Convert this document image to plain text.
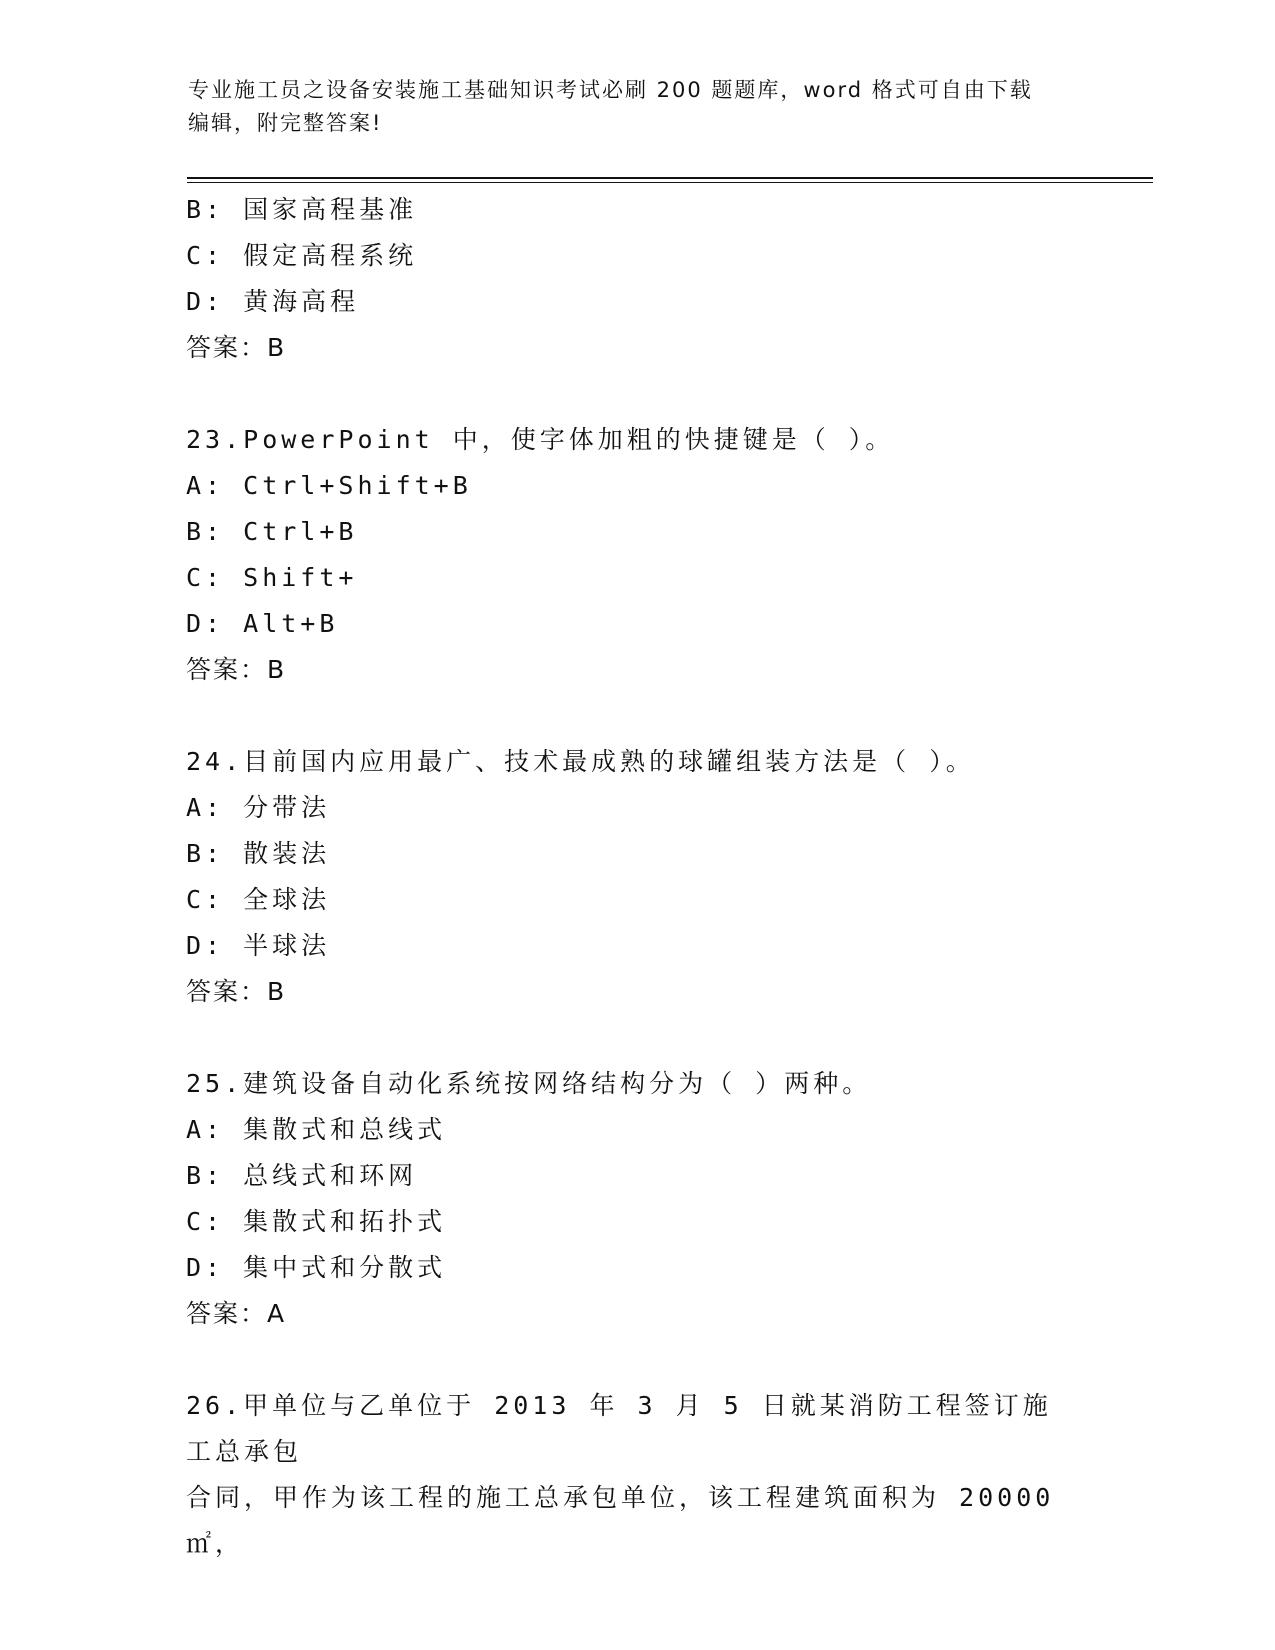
专业施工员之设备安装施工基础知识考试必刷 200 题题库，word 格式可自由下载
编辑，附完整答案!
B: 国家高程基准
C: 假定高程系统
D: 黄海高程
答案：B
23.PowerPoint 中，使字体加粗的快捷键是（ ）。
A: Ctrl+Shift+B
B: Ctrl+B
C: Shift+
D: Alt+B
答案：B
24.目前国内应用最广、技术最成熟的球罐组装方法是（ ）。
A: 分带法
B: 散装法
C: 全球法
D: 半球法
答案：B
25.建筑设备自动化系统按网络结构分为（ ）两种。
A: 集散式和总线式
B: 总线式和环网
C: 集散式和拓扑式
D: 集中式和分散式
答案：A
26.甲单位与乙单位于 2013 年 3 月 5 日就某消防工程签订施工总承包
合同，甲作为该工程的施工总承包单位，该工程建筑面积为 20000㎡，
